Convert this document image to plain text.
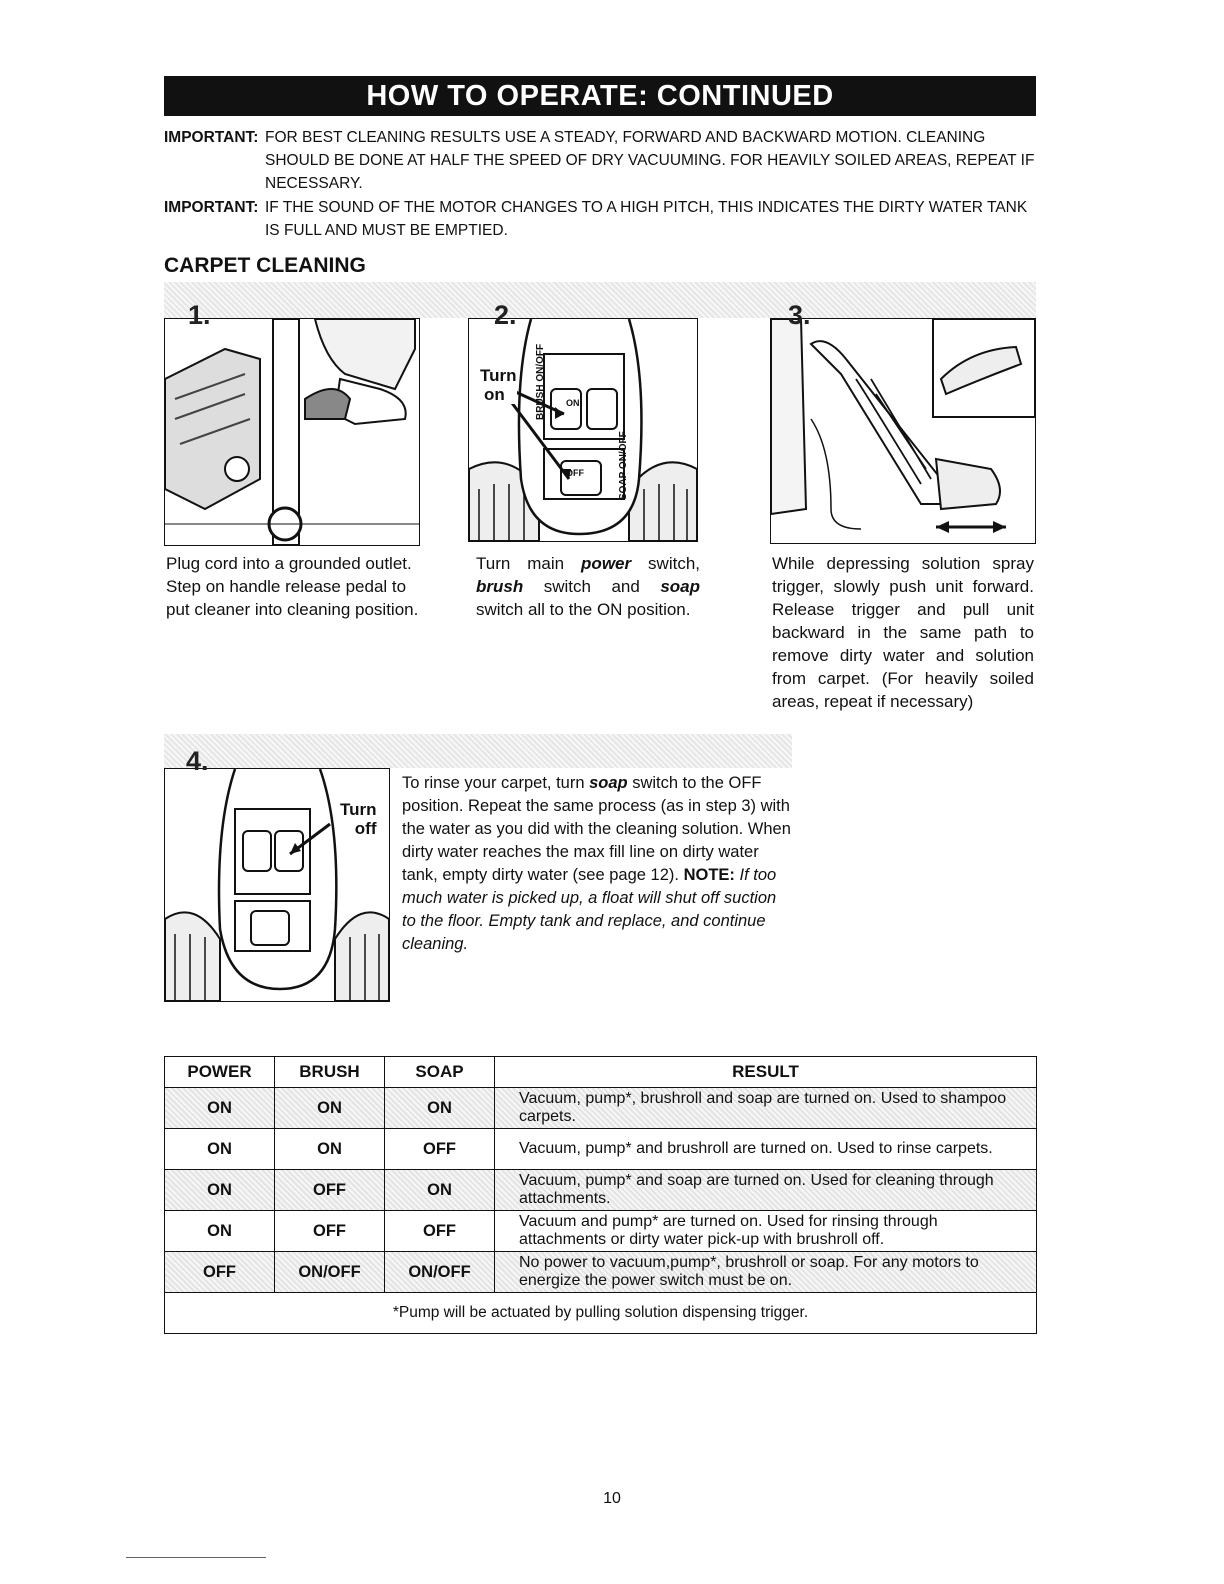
HOW TO OPERATE: CONTINUED
IMPORTANT: FOR BEST CLEANING RESULTS USE A STEADY, FORWARD AND BACKWARD MOTION. CLEANING SHOULD BE DONE AT HALF THE SPEED OF DRY VACUUMING. FOR HEAVILY SOILED AREAS, REPEAT IF NECESSARY.
IMPORTANT: IF THE SOUND OF THE MOTOR CHANGES TO A HIGH PITCH, THIS INDICATES THE DIRTY WATER TANK IS FULL AND MUST BE EMPTIED.
CARPET CLEANING
1.
Plug cord into a grounded outlet. Step on handle release pedal to put cleaner into cleaning position.
2.
Turn
on
Turn main power switch, brush switch and soap switch all to the ON position.
3.
While depressing solution spray trigger, slowly push unit forward. Release trigger and pull unit backward in the same path to remove dirty water and solution from carpet. (For heavily soiled areas, repeat if necessary)
4.
Turn
off
To rinse your carpet, turn soap switch to the OFF position. Repeat the same process (as in step 3) with the water as you did with the cleaning solution. When dirty water reaches the max fill line on dirty water tank, empty dirty water (see page 12). NOTE: If too much water is picked up, a float will shut off suction to the floor. Empty tank and replace, and continue cleaning.
BRUSH ON/OFF
SOAP ON/OFF
ON
OFF
POWER	BRUSH	SOAP	RESULT
ON	ON	ON	Vacuum, pump*, brushroll and soap are turned on. Used to shampoo carpets.
ON	ON	OFF	Vacuum, pump* and brushroll are turned on. Used to rinse carpets.
ON	OFF	ON	Vacuum, pump* and soap are turned on. Used for cleaning through attachments.
ON	OFF	OFF	Vacuum and pump* are turned on. Used for rinsing through attachments or dirty water pick-up with brushroll off.
OFF	ON/OFF	ON/OFF	No power to vacuum,pump*, brushroll or soap. For any motors to energize the power switch must be on.
*Pump will be actuated by pulling solution dispensing trigger.			
10
